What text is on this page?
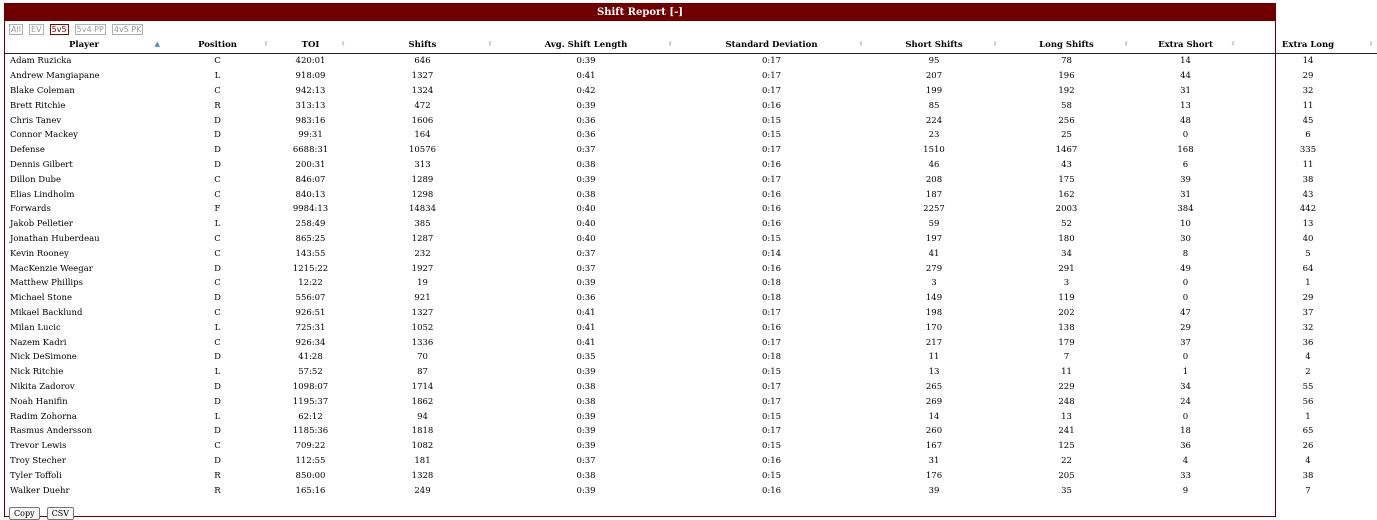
Shift Report [-]
All EV 5v5 5v4 PP 4v5 PK
Player ▲	Position ⬍	TOI ⬍	Shifts ⬍	Avg. Shift Length ⬍	Standard Deviation ⬍	Short Shifts ⬍	Long Shifts ⬍	Extra Short ⬍	Extra Long ⬍

Adam Ruzicka	C	420:01	646	0:39	0:17	95	78	14	14
Andrew Mangiapane	L	918:09	1327	0:41	0:17	207	196	44	29
Blake Coleman	C	942:13	1324	0:42	0:17	199	192	31	32
Brett Ritchie	R	313:13	472	0:39	0:16	85	58	13	11
Chris Tanev	D	983:16	1606	0:36	0:15	224	256	48	45
Connor Mackey	D	99:31	164	0:36	0:15	23	25	0	6
Defense	D	6688:31	10576	0:37	0:17	1510	1467	168	335
Dennis Gilbert	D	200:31	313	0:38	0:16	46	43	6	11
Dillon Dube	C	846:07	1289	0:39	0:17	208	175	39	38
Elias Lindholm	C	840:13	1298	0:38	0:16	187	162	31	43
Forwards	F	9984:13	14834	0:40	0:16	2257	2003	384	442
Jakob Pelletier	L	258:49	385	0:40	0:16	59	52	10	13
Jonathan Huberdeau	C	865:25	1287	0:40	0:15	197	180	30	40
Kevin Rooney	C	143:55	232	0:37	0:14	41	34	8	5
MacKenzie Weegar	D	1215:22	1927	0:37	0:16	279	291	49	64
Matthew Phillips	C	12:22	19	0:39	0:18	3	3	0	1
Michael Stone	D	556:07	921	0:36	0:18	149	119	0	29
Mikael Backlund	C	926:51	1327	0:41	0:17	198	202	47	37
Milan Lucic	L	725:31	1052	0:41	0:16	170	138	29	32
Nazem Kadri	C	926:34	1336	0:41	0:17	217	179	37	36
Nick DeSimone	D	41:28	70	0:35	0:18	11	7	0	4
Nick Ritchie	L	57:52	87	0:39	0:15	13	11	1	2
Nikita Zadorov	D	1098:07	1714	0:38	0:17	265	229	34	55
Noah Hanifin	D	1195:37	1862	0:38	0:17	269	248	24	56
Radim Zohorna	L	62:12	94	0:39	0:15	14	13	0	1
Rasmus Andersson	D	1185:36	1818	0:39	0:17	260	241	18	65
Trevor Lewis	C	709:22	1082	0:39	0:15	167	125	36	26
Troy Stecher	D	112:55	181	0:37	0:16	31	22	4	4
Tyler Toffoli	R	850:00	1328	0:38	0:15	176	205	33	38
Walker Duehr	R	165:16	249	0:39	0:16	39	35	9	7
Copy CSV
